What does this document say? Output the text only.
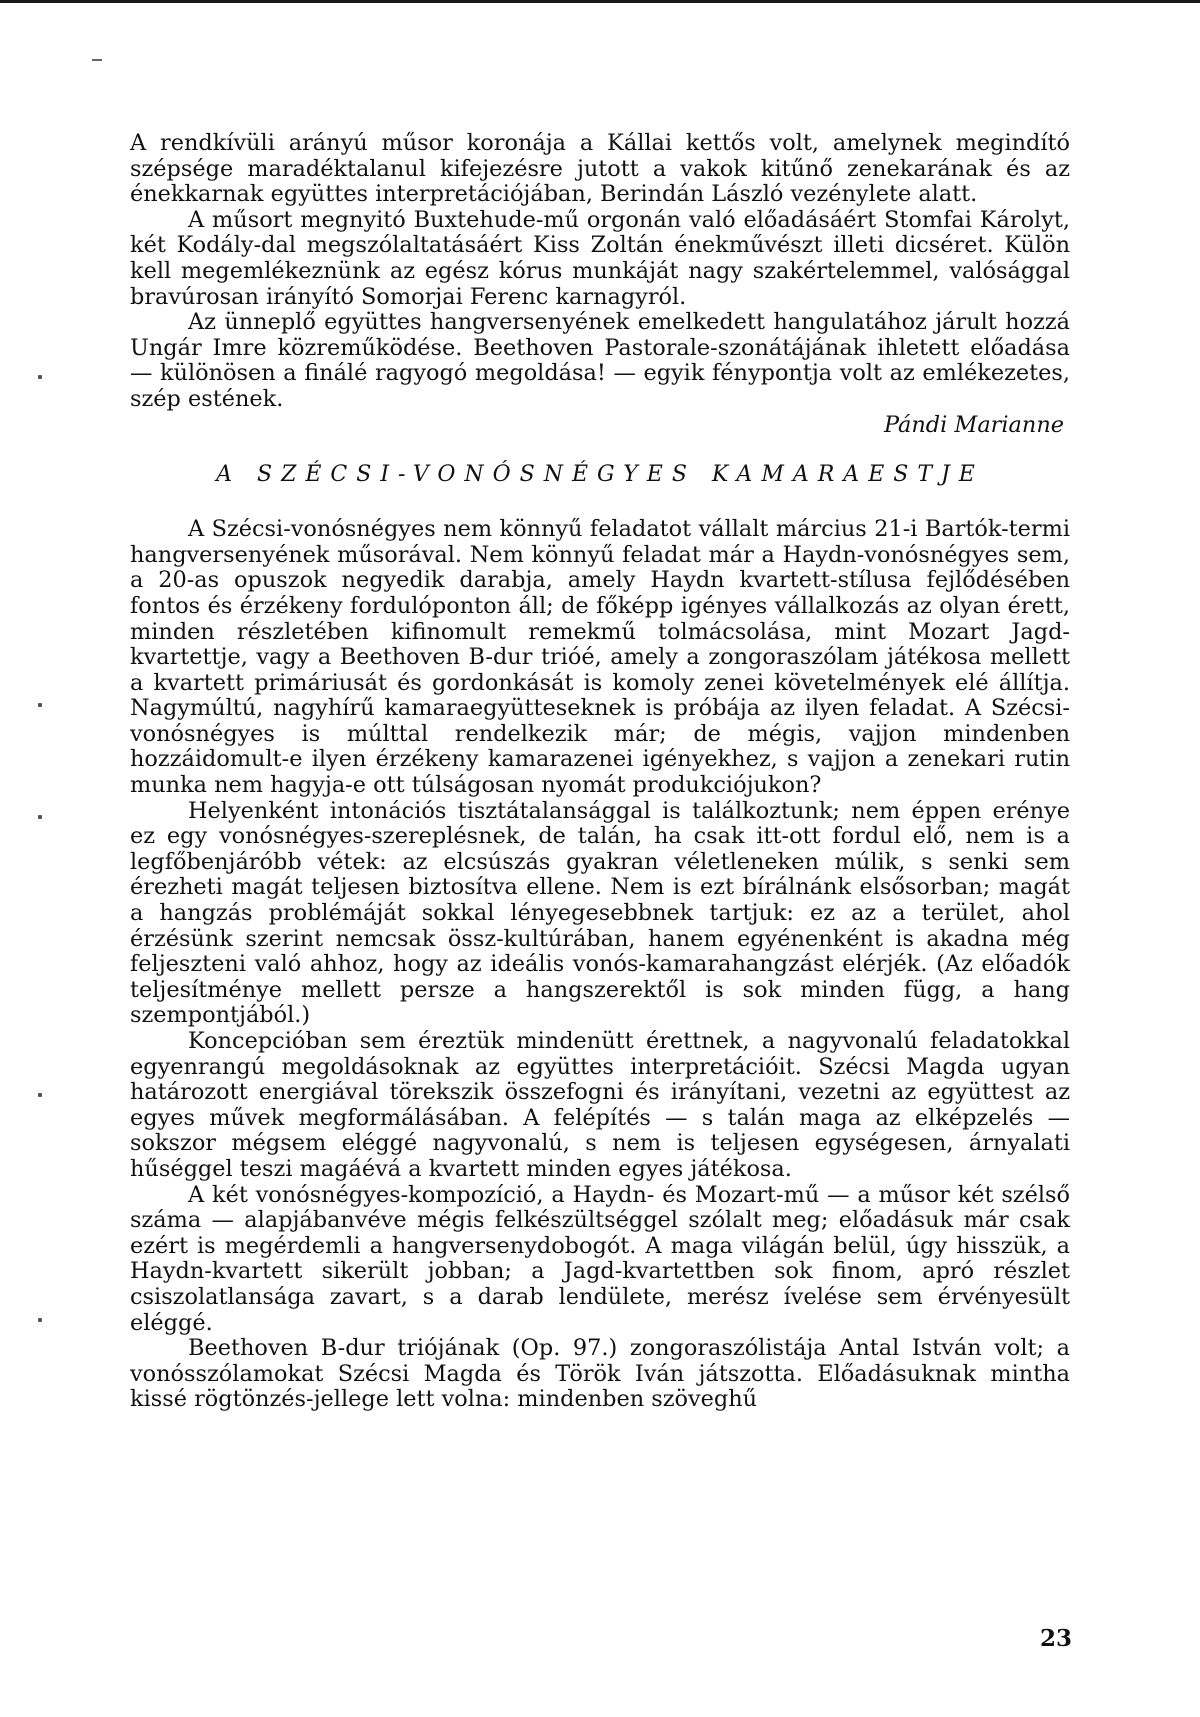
A rendkívüli arányú műsor koronája a Kállai kettős volt, amelynek megindító szépsége maradéktalanul kifejezésre jutott a vakok kitűnő zenekarának és az énekkarnak együttes interpretációjában, Berindán László vezénylete alatt.

A műsort megnyitó Buxtehude-mű orgonán való előadásáért Stomfai Károlyt, két Kodály-dal megszólaltatásáért Kiss Zoltán énekművészt illeti dicséret. Külön kell megemlékeznünk az egész kórus munkáját nagy szakértelemmel, valósággal bravúrosan irányító Somorjai Ferenc karnagyról.

Az ünneplő együttes hangversenyének emelkedett hangulatához járult hozzá Ungár Imre közreműködése. Beethoven Pastorale-szonátájának ihletett előadása — különösen a finálé ragyogó megoldása! — egyik fénypontja volt az emlékezetes, szép estének.

Pándi Marianne
A SZÉCSI-VONÓSNÉGYES KAMARAESTJE

A Szécsi-vonósnégyes nem könnyű feladatot vállalt március 21-i Bartók-termi hangversenyének műsorával. Nem könnyű feladat már a Haydn-vonósnégyes sem, a 20-as opuszok negyedik darabja, amely Haydn kvartett-stílusa fejlődésében fontos és érzékeny fordulóponton áll; de főképp igényes vállalkozás az olyan érett, minden részletében kifinomult remekmű tolmácsolása, mint Mozart Jagd-kvartettje, vagy a Beethoven B-dur trióé, amely a zongoraszólam játékosa mellett a kvartett primáriusát és gordonkását is komoly zenei követelmények elé állítja. Nagymúltú, nagyhírű kamaraegyütteseknek is próbája az ilyen feladat. A Szécsi-vonósnégyes is múlttal rendelkezik már; de mégis, vajjon mindenben hozzáidomult-e ilyen érzékeny kamarazenei igényekhez, s vajjon a zenekari rutin munka nem hagyja-e ott túlságosan nyomát produkciójukon?

Helyenként intonációs tisztátalansággal is találkoztunk; nem éppen erénye ez egy vonósnégyes-szereplésnek, de talán, ha csak itt-ott fordul elő, nem is a legfőbenjáróbb vétek: az elcsúszás gyakran véletleneken múlik, s senki sem érezheti magát teljesen biztosítva ellene. Nem is ezt bírálnánk elsősorban; magát a hangzás problémáját sokkal lényegesebbnek tartjuk: ez az a terület, ahol érzésünk szerint nemcsak össz-kultúrában, hanem egyénenként is akadna még feljeszteni való ahhoz, hogy az ideális vonós-kamarahangzást elérjék. (Az előadók teljesítménye mellett persze a hangszerektől is sok minden függ, a hang szempontjából.)

Koncepcióban sem éreztük mindenütt érettnek, a nagyvonalú feladatokkal egyenrangú megoldásoknak az együttes interpretációit. Szécsi Magda ugyan határozott energiával törekszik összefogni és irányítani, vezetni az együttest az egyes művek megformálásában. A felépítés — s talán maga az elképzelés — sokszor mégsem eléggé nagyvonalú, s nem is teljesen egységesen, árnyalati hűséggel teszi magáévá a kvartett minden egyes játékosa.

A két vonósnégyes-kompozíció, a Haydn- és Mozart-mű — a műsor két szélső száma — alapjábanvéve mégis felkészültséggel szólalt meg; előadásuk már csak ezért is megérdemli a hangversenydobogót. A maga világán belül, úgy hisszük, a Haydn-kvartett sikerült jobban; a Jagd-kvartettben sok finom, apró részlet csiszolatlansága zavart, s a darab lendülete, merész ívelése sem érvényesült eléggé.

Beethoven B-dur triójának (Op. 97.) zongoraszólistája Antal István volt; a vonósszólamokat Szécsi Magda és Török Iván játszotta. Előadásuknak mintha kissé rögtönzés-jellege lett volna: mindenben szöveghű

23
